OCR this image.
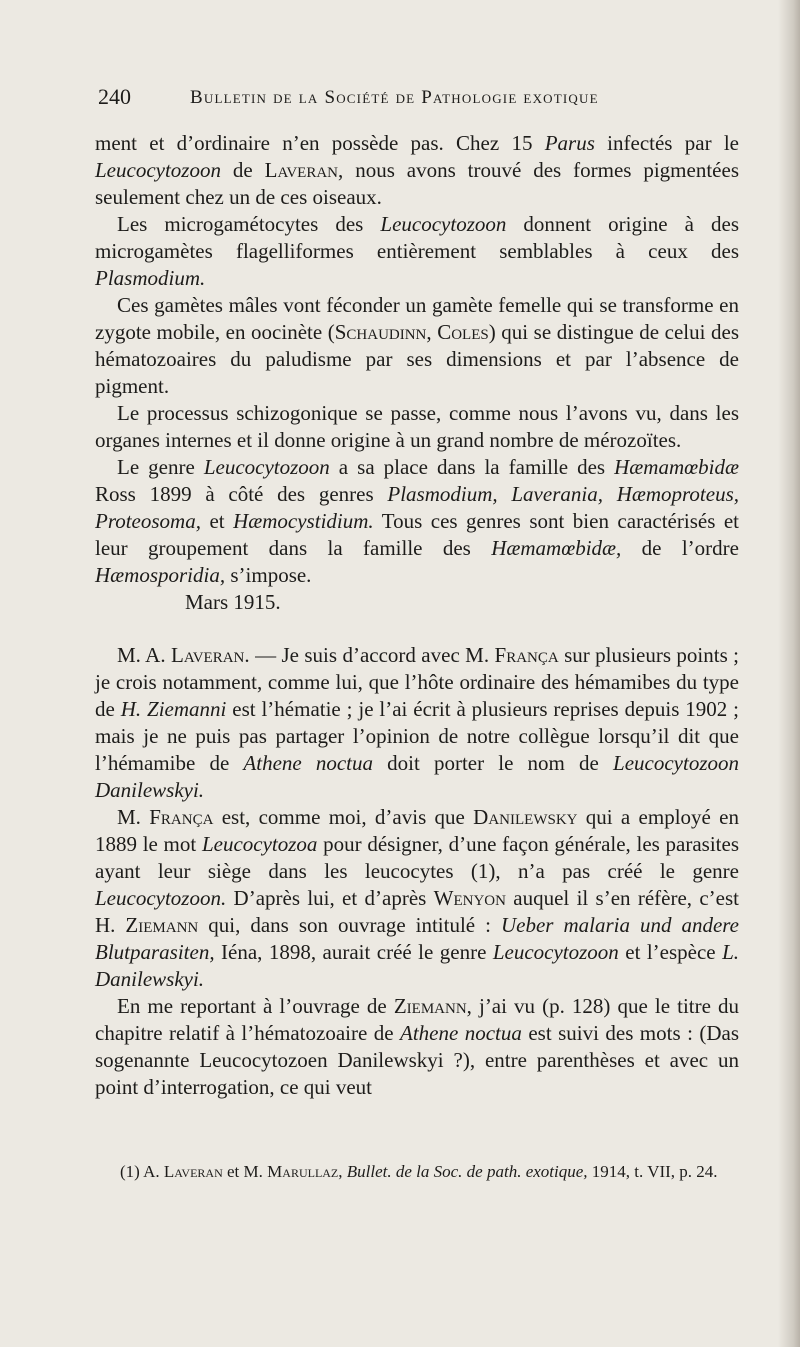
240	Bulletin de la Société de Pathologie exotique

ment et d’ordinaire n’en possède pas. Chez 15 Parus infectés par le Leucocytozoon de Laveran, nous avons trouvé des formes pigmentées seulement chez un de ces oiseaux.

Les microgamétocytes des Leucocytozoon donnent origine à des microgamètes flagelliformes entièrement semblables à ceux des Plasmodium.

Ces gamètes mâles vont féconder un gamète femelle qui se transforme en zygote mobile, en oocinète (Schaudinn, Coles) qui se distingue de celui des hématozoaires du paludisme par ses dimensions et par l’absence de pigment.

Le processus schizogonique se passe, comme nous l’avons vu, dans les organes internes et il donne origine à un grand nombre de mérozoïtes.

Le genre Leucocytozoon a sa place dans la famille des Hæmamœbidæ Ross 1899 à côté des genres Plasmodium, Laverania, Hæmoproteus, Proteosoma, et Hæmocystidium. Tous ces genres sont bien caractérisés et leur groupement dans la famille des Hæmamœbidæ, de l’ordre Hæmosporidia, s’impose.

Mars 1915.

M. A. Laveran. — Je suis d’accord avec M. França sur plusieurs points ; je crois notamment, comme lui, que l’hôte ordinaire des hémamibes du type de H. Ziemanni est l’hématie ; je l’ai écrit à plusieurs reprises depuis 1902 ; mais je ne puis pas partager l’opinion de notre collègue lorsqu’il dit que l’hémamibe de Athene noctua doit porter le nom de Leucocytozoon Danilewskyi.

M. França est, comme moi, d’avis que Danilewsky qui a employé en 1889 le mot Leucocytozoa pour désigner, d’une façon générale, les parasites ayant leur siège dans les leucocytes (1), n’a pas créé le genre Leucocytozoon. D’après lui, et d’après Wenyon auquel il s’en réfère, c’est H. Ziemann qui, dans son ouvrage intitulé : Ueber malaria und andere Blutparasiten, Iéna, 1898, aurait créé le genre Leucocytozoon et l’espèce L. Danilewskyi.

En me reportant à l’ouvrage de Ziemann, j’ai vu (p. 128) que le titre du chapitre relatif à l’hématozoaire de Athene noctua est suivi des mots : (Das sogenannte Leucocytozoen Danilewskyi ?), entre parenthèses et avec un point d’interrogation, ce qui veut

(1) A. Laveran et M. Marullaz, Bullet. de la Soc. de path. exotique, 1914, t. VII, p. 24.
